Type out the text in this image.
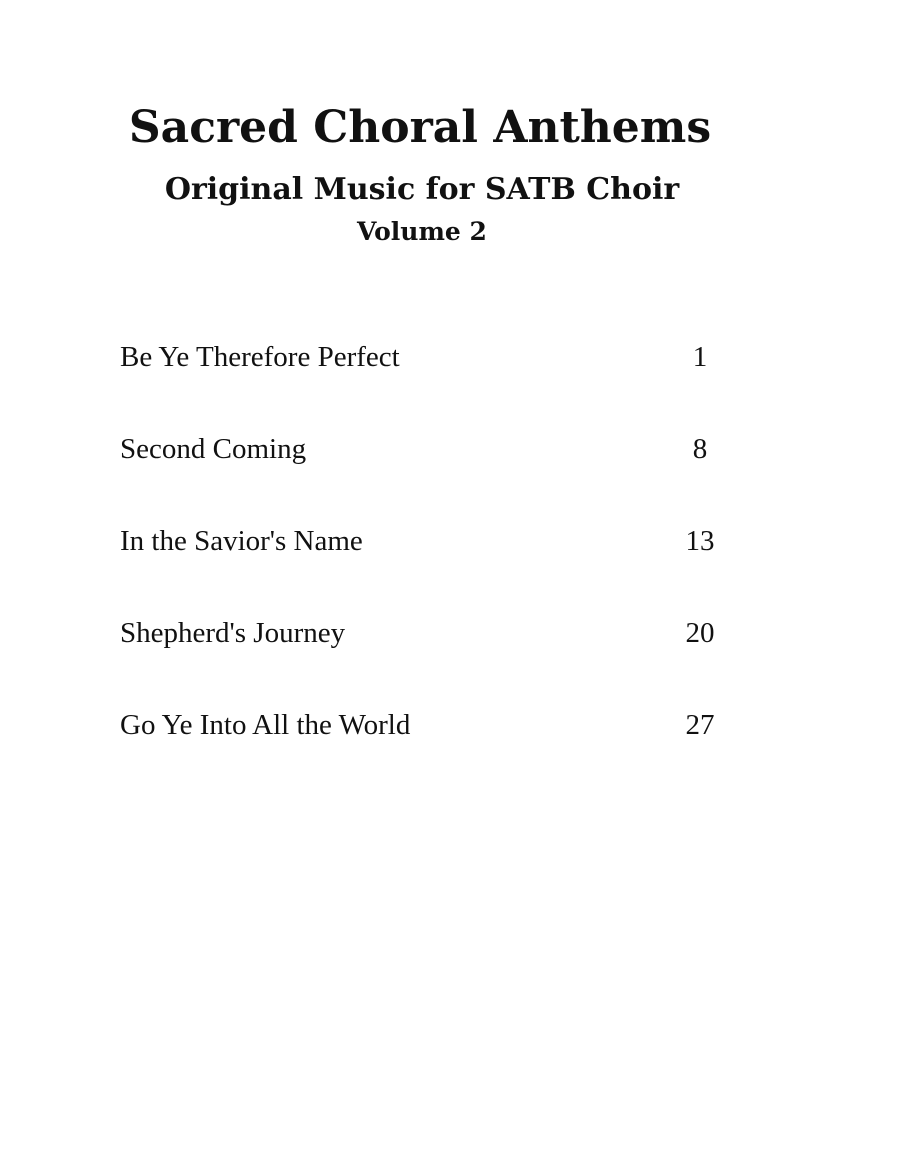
Sacred Choral Anthems
Original Music for SATB Choir
Volume 2
Be Ye Therefore Perfect	1
Second Coming	8
In the Savior's Name	13
Shepherd's Journey	20
Go Ye Into All the World	27
